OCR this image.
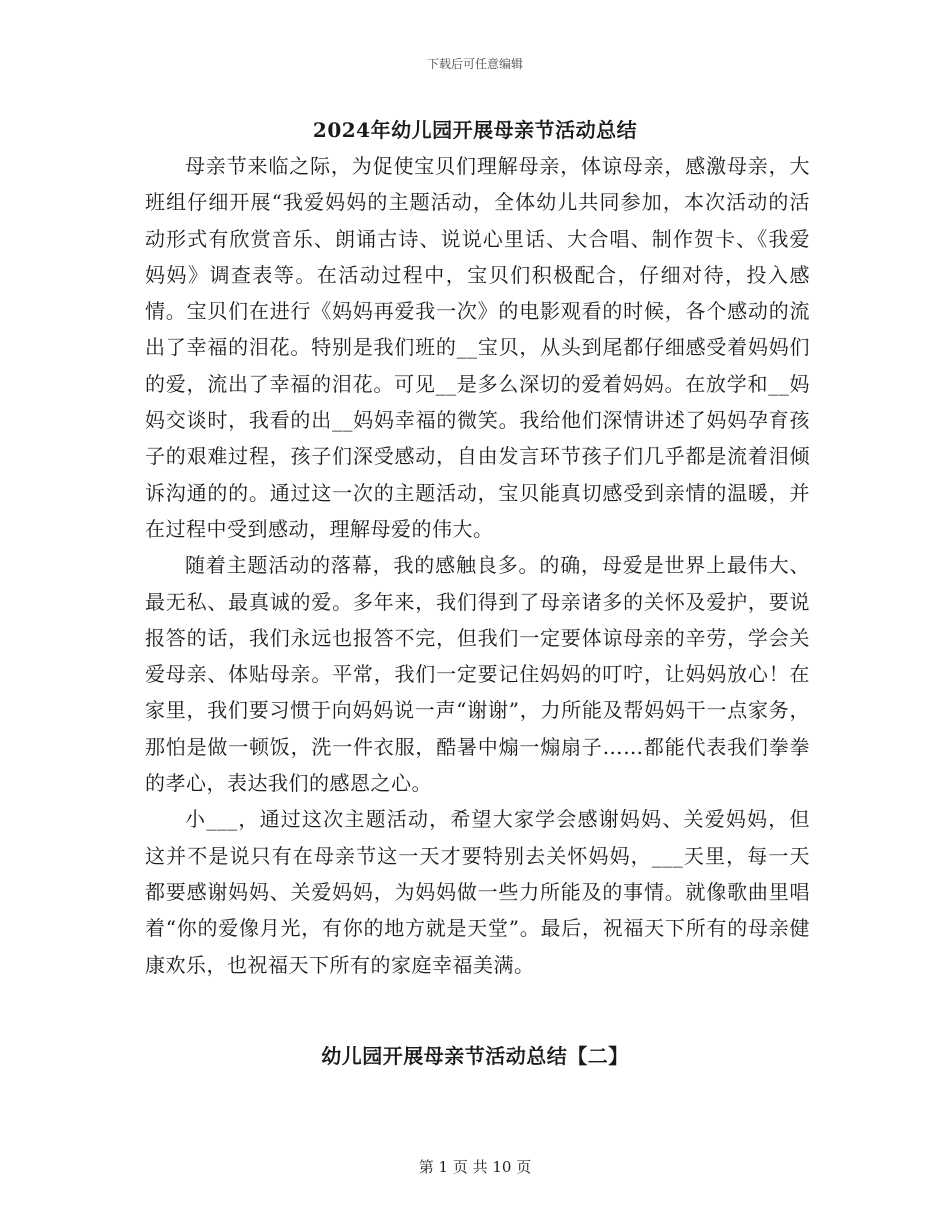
下载后可任意编辑
2024年幼儿园开展母亲节活动总结

母亲节来临之际，为促使宝贝们理解母亲，体谅母亲，感激母亲，大班组仔细开展“我爱妈妈的主题活动，全体幼儿共同参加，本次活动的活动形式有欣赏音乐、朗诵古诗、说说心里话、大合唱、制作贺卡、《我爱妈妈》调查表等。在活动过程中，宝贝们积极配合，仔细对待，投入感情。宝贝们在进行《妈妈再爱我一次》的电影观看的时候，各个感动的流出了幸福的泪花。特别是我们班的__宝贝，从头到尾都仔细感受着妈妈们的爱，流出了幸福的泪花。可见__是多么深切的爱着妈妈。在放学和__妈妈交谈时，我看的出__妈妈幸福的微笑。我给他们深情讲述了妈妈孕育孩子的艰难过程，孩子们深受感动，自由发言环节孩子们几乎都是流着泪倾诉沟通的的。通过这一次的主题活动，宝贝能真切感受到亲情的温暖，并在过程中受到感动，理解母爱的伟大。

随着主题活动的落幕，我的感触良多。的确，母爱是世界上最伟大、最无私、最真诚的爱。多年来，我们得到了母亲诸多的关怀及爱护，要说报答的话，我们永远也报答不完，但我们一定要体谅母亲的辛劳，学会关爱母亲、体贴母亲。平常，我们一定要记住妈妈的叮咛，让妈妈放心！在家里，我们要习惯于向妈妈说一声“谢谢”，力所能及帮妈妈干一点家务，那怕是做一顿饭，洗一件衣服，酷暑中煽一煽扇子……都能代表我们拳拳的孝心，表达我们的感恩之心。

小___，通过这次主题活动，希望大家学会感谢妈妈、关爱妈妈，但这并不是说只有在母亲节这一天才要特别去关怀妈妈，___天里，每一天都要感谢妈妈、关爱妈妈，为妈妈做一些力所能及的事情。就像歌曲里唱着“你的爱像月光，有你的地方就是天堂”。最后，祝福天下所有的母亲健康欢乐，也祝福天下所有的家庭幸福美满。

幼儿园开展母亲节活动总结【二】
第 1 页 共 10 页
